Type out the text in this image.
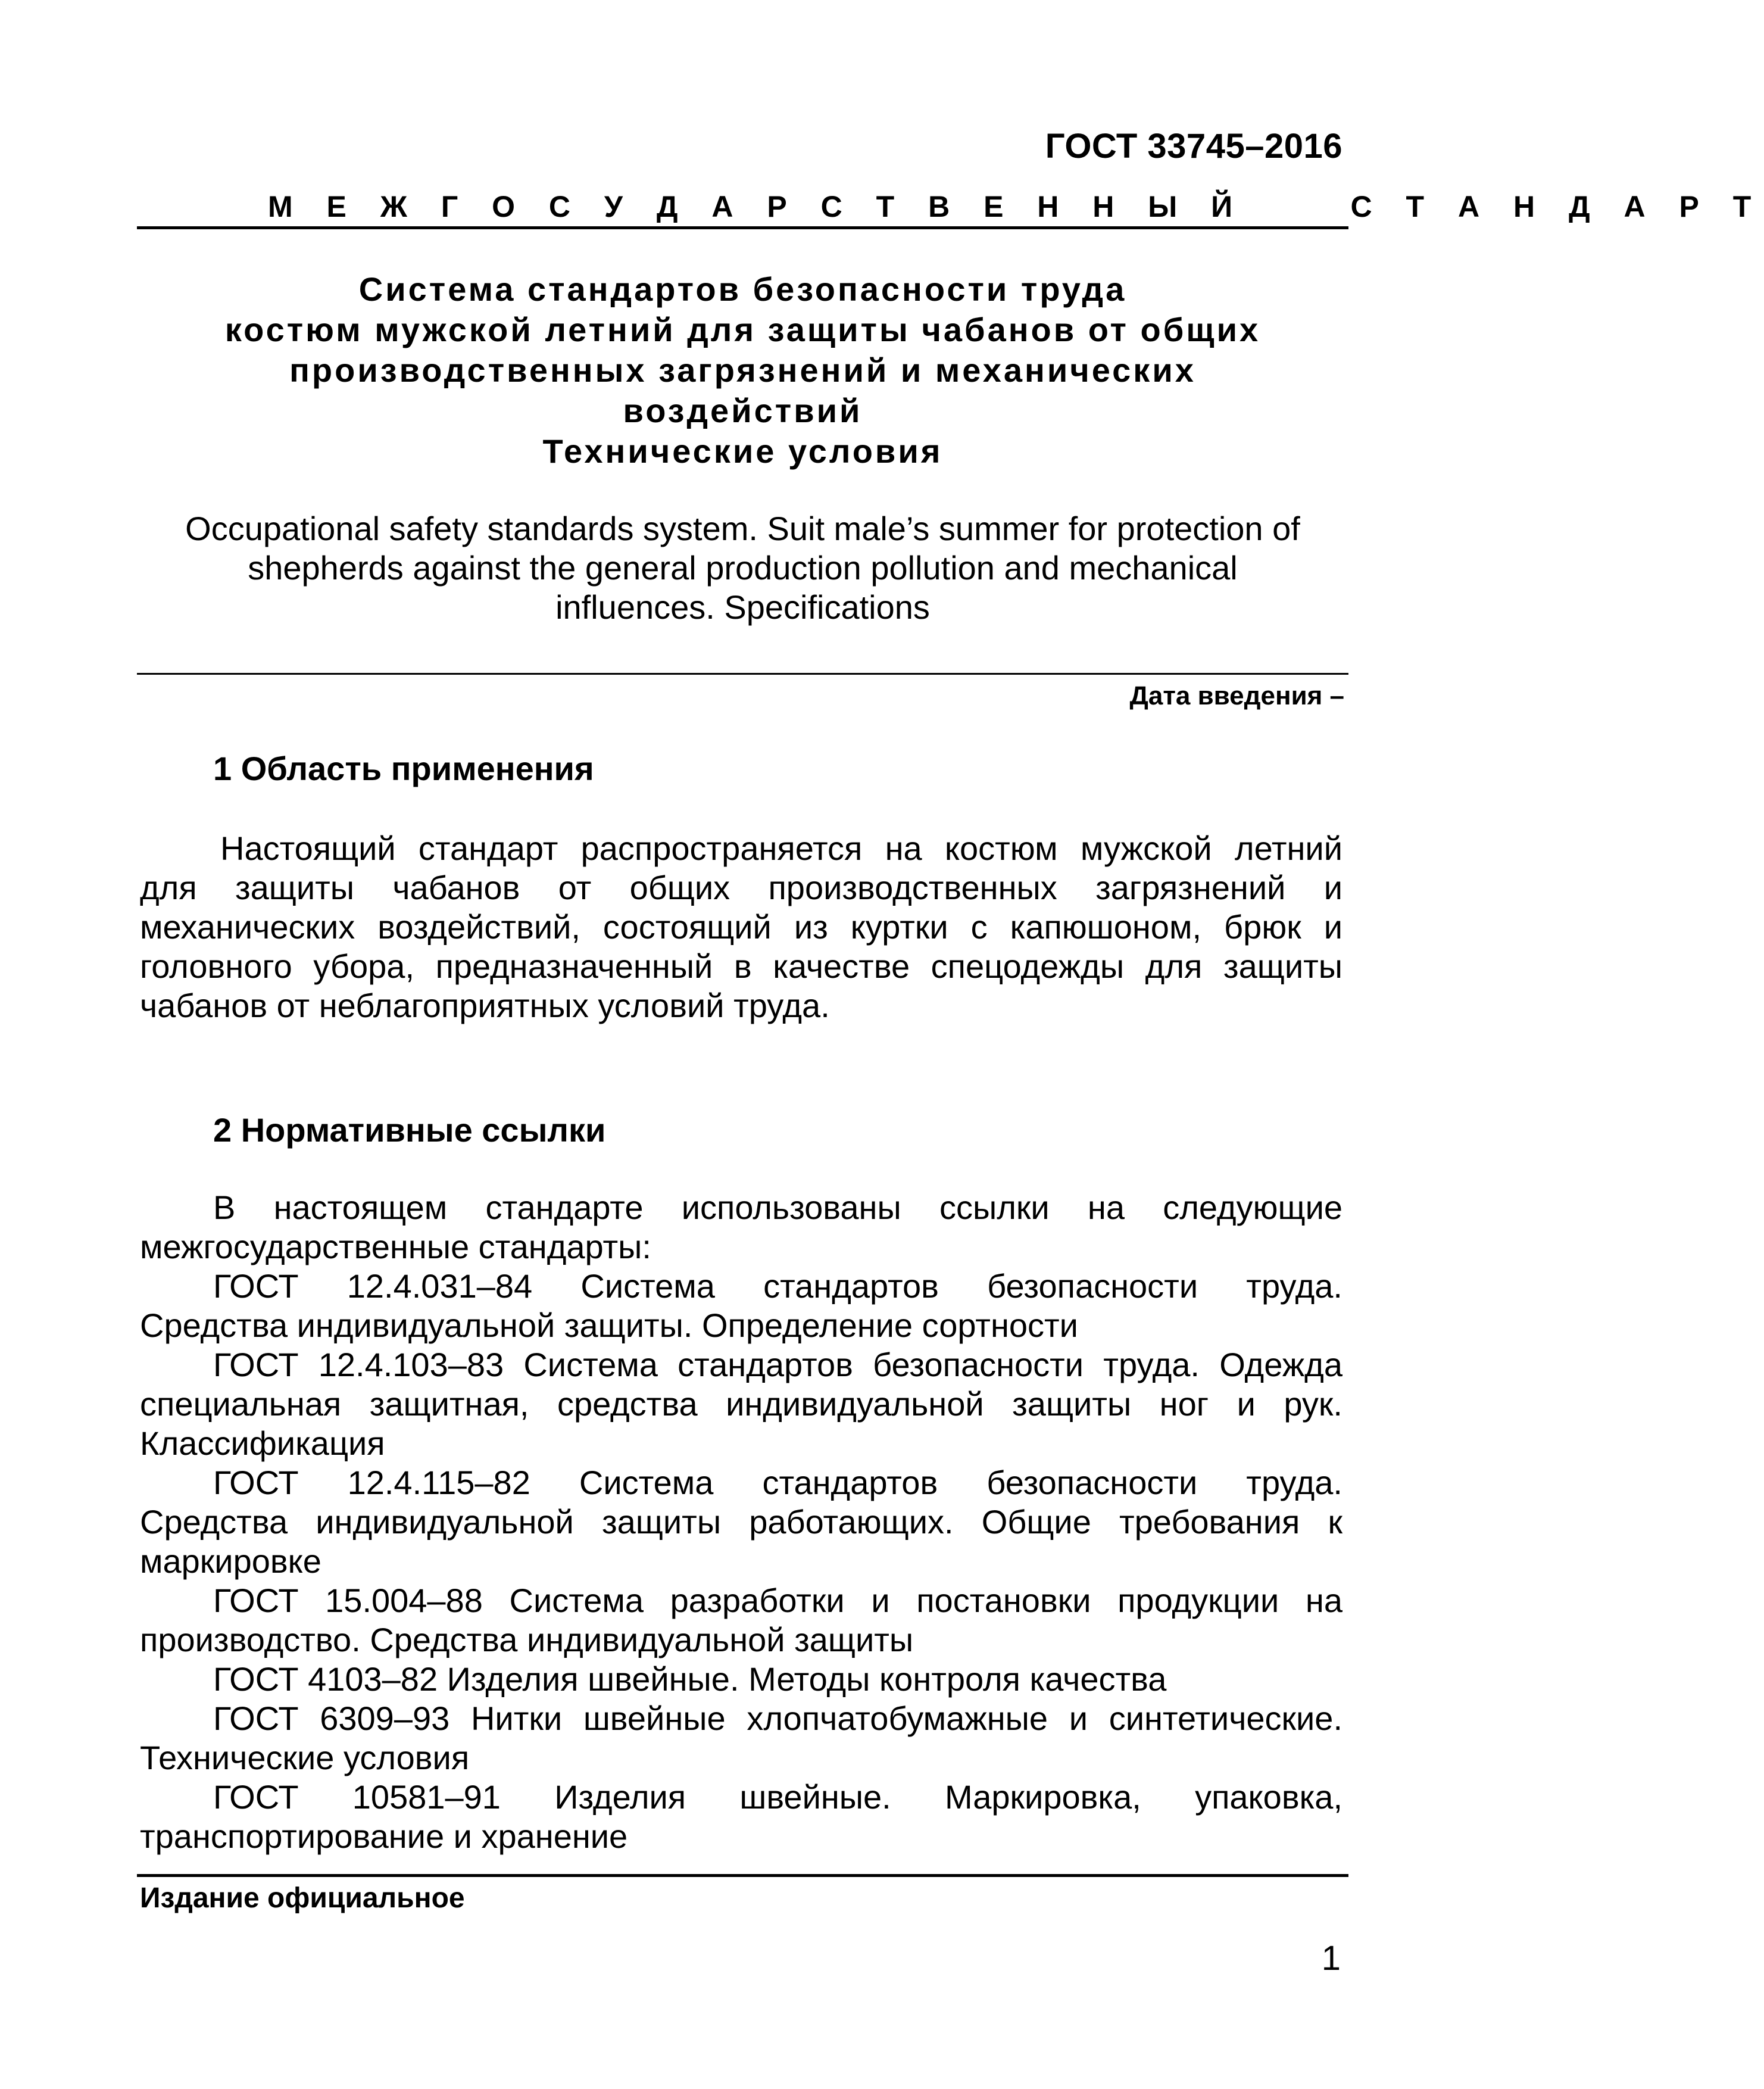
ГОСТ 33745–2016
М Е Ж Г О С У Д А Р С Т В Е Н Н Ы Й     С Т А Н Д А Р Т
Система стандартов безопасности труда
костюм мужской летний для защиты чабанов от общих
производственных загрязнений и механических
воздействий
Технические условия
Occupational safety standards system. Suit male’s summer for protection of
shepherds against the general production pollution and mechanical
influences. Specifications
Дата введения –
1 Область применения
Настоящий стандарт распространяется на костюм мужской летний
для защиты чабанов от общих производственных загрязнений и
механических воздействий, состоящий из куртки с капюшоном, брюк и
головного убора, предназначенный в качестве спецодежды для защиты
чабанов от неблагоприятных условий труда.
2 Нормативные ссылки
В настоящем стандарте использованы ссылки на следующие
межгосударственные стандарты:
ГОСТ 12.4.031–84 Система стандартов безопасности труда.
Средства индивидуальной защиты. Определение сортности
ГОСТ 12.4.103–83 Система стандартов безопасности труда. Одежда
специальная защитная, средства индивидуальной защиты ног и рук.
Классификация
ГОСТ 12.4.115–82 Система стандартов безопасности труда.
Средства индивидуальной защиты работающих. Общие требования к
маркировке
ГОСТ 15.004–88 Система разработки и постановки продукции на
производство. Средства индивидуальной защиты
ГОСТ 4103–82 Изделия швейные. Методы контроля качества
ГОСТ 6309–93 Нитки швейные хлопчатобумажные и синтетические.
Технические условия
ГОСТ 10581–91 Изделия швейные. Маркировка, упаковка,
транспортирование и хранение
Издание официальное
1
